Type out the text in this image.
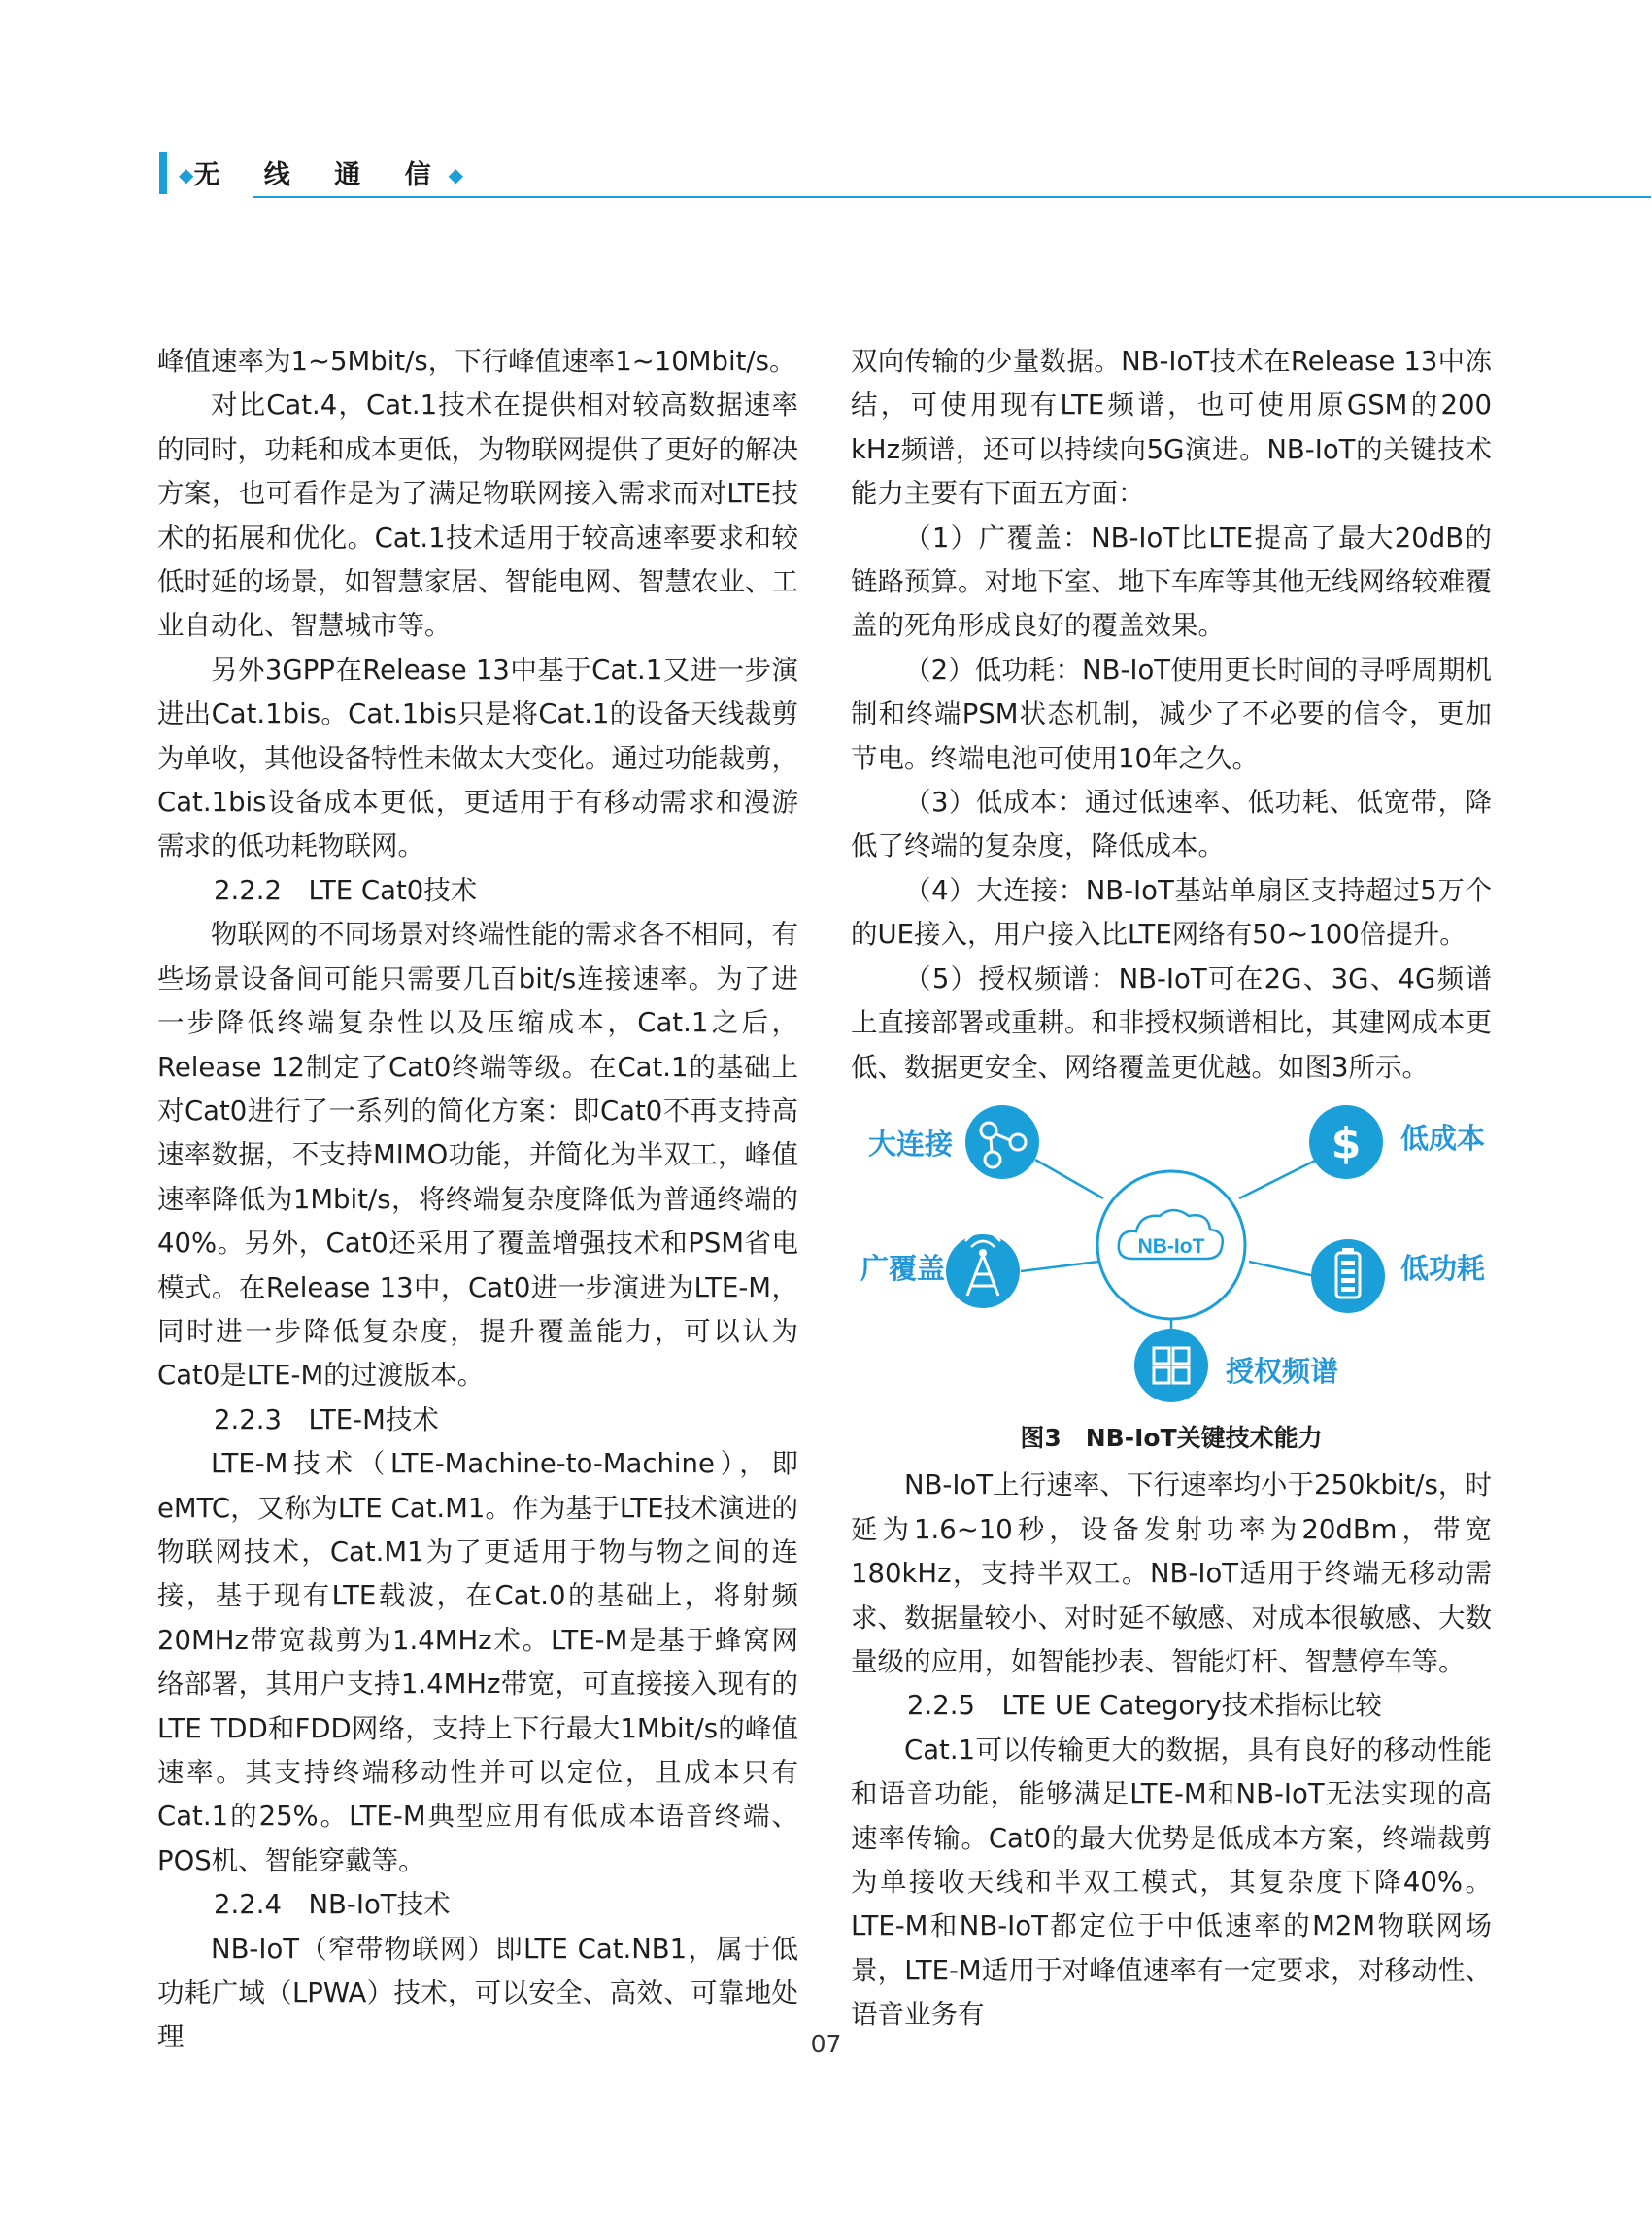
◆无 线 通 信◆

峰值速率为1~5Mbit/s，下行峰值速率1~10Mbit/s。

对比Cat.4，Cat.1技术在提供相对较高数据速率的同时，功耗和成本更低，为物联网提供了更好的解决方案，也可看作是为了满足物联网接入需求而对LTE技术的拓展和优化。Cat.1技术适用于较高速率要求和较低时延的场景，如智慧家居、智能电网、智慧农业、工业自动化、智慧城市等。

另外3GPP在Release 13中基于Cat.1又进一步演进出Cat.1bis。Cat.1bis只是将Cat.1的设备天线裁剪为单收，其他设备特性未做太大变化。通过功能裁剪，Cat.1bis设备成本更低，更适用于有移动需求和漫游需求的低功耗物联网。

2.2.2　LTE Cat0技术

物联网的不同场景对终端性能的需求各不相同，有些场景设备间可能只需要几百bit/s连接速率。为了进一步降低终端复杂性以及压缩成本，Cat.1之后，Release 12制定了Cat0终端等级。在Cat.1的基础上对Cat0进行了一系列的简化方案：即Cat0不再支持高速率数据，不支持MIMO功能，并简化为半双工，峰值速率降低为1Mbit/s，将终端复杂度降低为普通终端的40%。另外，Cat0还采用了覆盖增强技术和PSM省电模式。在Release 13中，Cat0进一步演进为LTE-M，同时进一步降低复杂度，提升覆盖能力，可以认为Cat0是LTE-M的过渡版本。

2.2.3　LTE-M技术

LTE-M技术（LTE-Machine-to-Machine），即eMTC，又称为LTE Cat.M1。作为基于LTE技术演进的物联网技术，Cat.M1为了更适用于物与物之间的连接，基于现有LTE载波，在Cat.0的基础上，将射频20MHz带宽裁剪为1.4MHz术。LTE-M是基于蜂窝网络部署，其用户支持1.4MHz带宽，可直接接入现有的LTE TDD和FDD网络，支持上下行最大1Mbit/s的峰值速率。其支持终端移动性并可以定位，且成本只有Cat.1的25%。LTE-M典型应用有低成本语音终端、POS机、智能穿戴等。

2.2.4　NB-IoT技术

NB-IoT（窄带物联网）即LTE Cat.NB1，属于低功耗广域（LPWA）技术，可以安全、高效、可靠地处理

双向传输的少量数据。NB-IoT技术在Release 13中冻结，可使用现有LTE频谱，也可使用原GSM的200 kHz频谱，还可以持续向5G演进。NB-IoT的关键技术能力主要有下面五方面：

（1）广覆盖：NB-IoT比LTE提高了最大20dB的链路预算。对地下室、地下车库等其他无线网络较难覆盖的死角形成良好的覆盖效果。

（2）低功耗：NB-IoT使用更长时间的寻呼周期机制和终端PSM状态机制，减少了不必要的信令，更加节电。终端电池可使用10年之久。

（3）低成本：通过低速率、低功耗、低宽带，降低了终端的复杂度，降低成本。

（4）大连接：NB-IoT基站单扇区支持超过5万个的UE接入，用户接入比LTE网络有50~100倍提升。

（5）授权频谱：NB-IoT可在2G、3G、4G频谱上直接部署或重耕。和非授权频谱相比，其建网成本更低、数据更安全、网络覆盖更优越。如图3所示。

NB-IoT
$
大连接	低成本
广覆盖	低功耗
授权频谱
图3　NB-IoT关键技术能力

NB-IoT上行速率、下行速率均小于250kbit/s，时延为1.6~10秒，设备发射功率为20dBm，带宽180kHz，支持半双工。NB-IoT适用于终端无移动需求、数据量较小、对时延不敏感、对成本很敏感、大数量级的应用，如智能抄表、智能灯杆、智慧停车等。

2.2.5　LTE UE Category技术指标比较

Cat.1可以传输更大的数据，具有良好的移动性能和语音功能，能够满足LTE-M和NB-IoT无法实现的高速率传输。Cat0的最大优势是低成本方案，终端裁剪为单接收天线和半双工模式，其复杂度下降40%。LTE-M和NB-IoT都定位于中低速率的M2M物联网场景，LTE-M适用于对峰值速率有一定要求，对移动性、语音业务有

07
